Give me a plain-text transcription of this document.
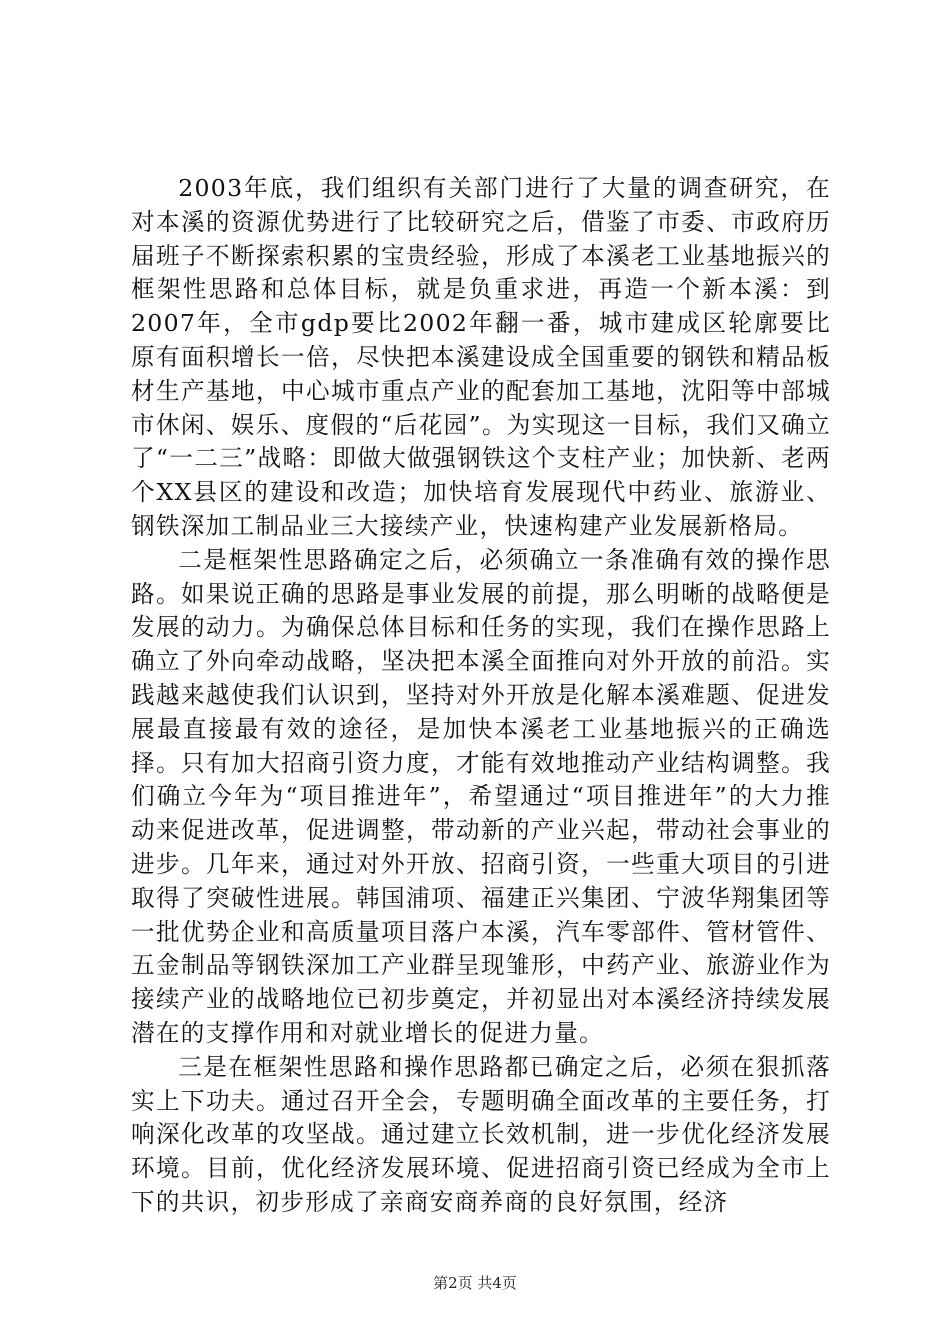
2003年底，我们组织有关部门进行了大量的调查研究，在对本溪的资源优势进行了比较研究之后，借鉴了市委、市政府历届班子不断探索积累的宝贵经验，形成了本溪老工业基地振兴的框架性思路和总体目标，就是负重求进，再造一个新本溪：到2007年，全市gdp要比2002年翻一番，城市建成区轮廓要比原有面积增长一倍，尽快把本溪建设成全国重要的钢铁和精品板材生产基地，中心城市重点产业的配套加工基地，沈阳等中部城市休闲、娱乐、度假的“后花园”。为实现这一目标，我们又确立了“一二三”战略：即做大做强钢铁这个支柱产业；加快新、老两个XX县区的建设和改造；加快培育发展现代中药业、旅游业、钢铁深加工制品业三大接续产业，快速构建产业发展新格局。

二是框架性思路确定之后，必须确立一条准确有效的操作思路。如果说正确的思路是事业发展的前提，那么明晰的战略便是发展的动力。为确保总体目标和任务的实现，我们在操作思路上确立了外向牵动战略，坚决把本溪全面推向对外开放的前沿。实践越来越使我们认识到，坚持对外开放是化解本溪难题、促进发展最直接最有效的途径，是加快本溪老工业基地振兴的正确选择。只有加大招商引资力度，才能有效地推动产业结构调整。我们确立今年为“项目推进年”，希望通过“项目推进年”的大力推动来促进改革，促进调整，带动新的产业兴起，带动社会事业的进步。几年来，通过对外开放、招商引资，一些重大项目的引进取得了突破性进展。韩国浦项、福建正兴集团、宁波华翔集团等一批优势企业和高质量项目落户本溪，汽车零部件、管材管件、五金制品等钢铁深加工产业群呈现雏形，中药产业、旅游业作为接续产业的战略地位已初步奠定，并初显出对本溪经济持续发展潜在的支撑作用和对就业增长的促进力量。

三是在框架性思路和操作思路都已确定之后，必须在狠抓落实上下功夫。通过召开全会，专题明确全面改革的主要任务，打响深化改革的攻坚战。通过建立长效机制，进一步优化经济发展环境。目前，优化经济发展环境、促进招商引资已经成为全市上下的共识，初步形成了亲商安商养商的良好氛围，经济

第2页 共4页
